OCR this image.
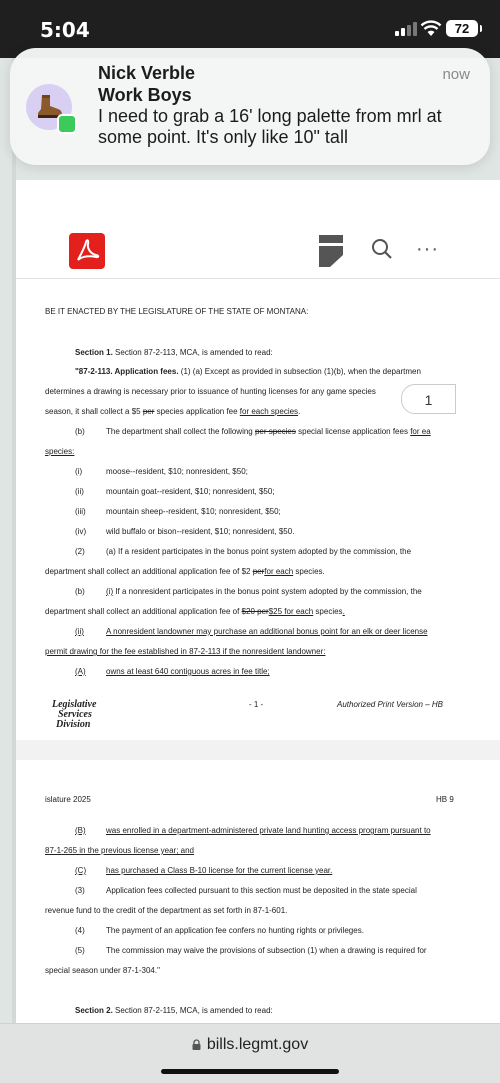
5:04	72
···
BE IT ENACTED BY THE LEGISLATURE OF THE STATE OF MONTANA:
Section 1. Section 87-2-113, MCA, is amended to read:
"87-2-113. Application fees. (1) (a) Except as provided in subsection (1)(b), when the departmen
determines a drawing is necessary prior to issuance of hunting licenses for any game species
season, it shall collect a $5 per species application fee for each species.
(b)	The department shall collect the following per species special license application fees for ea
species:
(i)	moose--resident, $10; nonresident, $50;
(ii)	mountain goat--resident, $10; nonresident, $50;
(iii)	mountain sheep--resident, $10; nonresident, $50;
(iv) wild buffalo or bison--resident, $10; nonresident, $50.
(2)	(a) If a resident participates in the bonus point system adopted by the commission, the
department shall collect an additional application fee of $2 perfor each species.
(b)	(i) If a nonresident participates in the bonus point system adopted by the commission, the
department shall collect an additional application fee of $20 per$25 for each species.
(ii)	A nonresident landowner may purchase an additional bonus point for an elk or deer license
permit drawing for the fee established in 87-2-113 if the nonresident landowner:
(A)	owns at least 640 contiguous acres in fee title;
Legislative
Services
Division
- 1 -	Authorized Print Version – HB
islature 2025	HB 9
(B)	was enrolled in a department-administered private land hunting access program pursuant to
87-1-265 in the previous license year; and
(C) has purchased a Class B-10 license for the current license year.
(3)	Application fees collected pursuant to this section must be deposited in the state special
revenue fund to the credit of the department as set forth in 87-1-601.
(4)	The payment of an application fee confers no hunting rights or privileges.
(5)	The commission may waive the provisions of subsection (1) when a drawing is required for
special season under 87-1-304."
Section 2. Section 87-2-115, MCA, is amended to read:
1
Nick Verble
Work Boys
I need to grab a 16' long palette from mrl at some point. It's only like 10" tall
now
bills.legmt.gov
